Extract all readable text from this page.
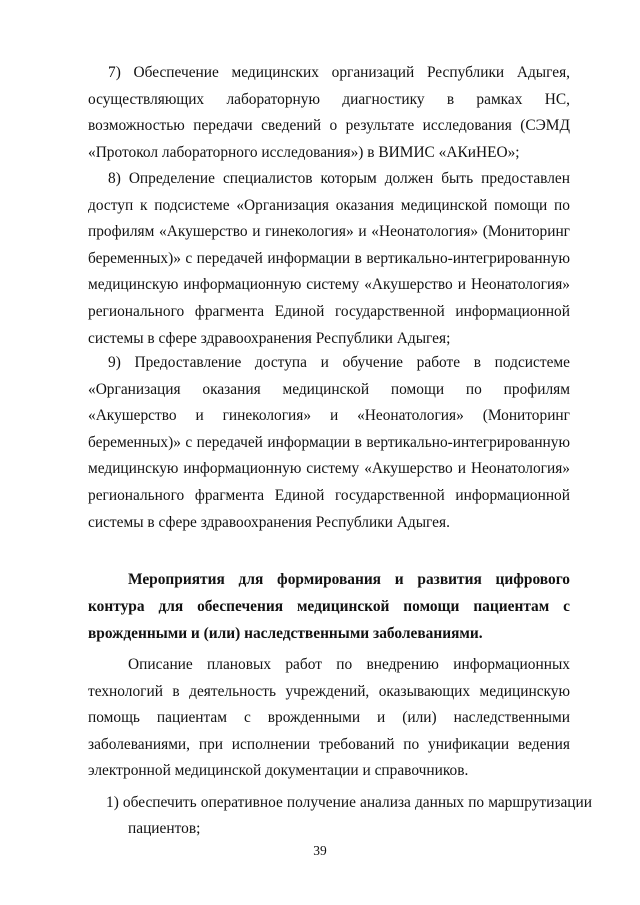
7) Обеспечение медицинских организаций Республики Адыгея, осуществляющих лабораторную диагностику в рамках НС, возможностью передачи сведений о результате исследования (СЭМД «Протокол лабораторного исследования») в ВИМИС «АКиНЕО»;

8) Определение специалистов которым должен быть предоставлен доступ к подсистеме «Организация оказания медицинской помощи по профилям «Акушерство и гинекология» и «Неонатология» (Мониторинг беременных)» с передачей информации в вертикально-интегрированную медицинскую информационную систему «Акушерство и Неонатология» регионального фрагмента Единой государственной информационной системы в сфере здравоохранения Республики Адыгея;

9) Предоставление доступа и обучение работе в подсистеме «Организация оказания медицинской помощи по профилям «Акушерство и гинекология» и «Неонатология» (Мониторинг беременных)» с передачей информации в вертикально-интегрированную медицинскую информационную систему «Акушерство и Неонатология» регионального фрагмента Единой государственной информационной системы в сфере здравоохранения Республики Адыгея.

Мероприятия для формирования и развития цифрового контура для обеспечения медицинской помощи пациентам с врожденными и (или) наследственными заболеваниями.

Описание плановых работ по внедрению информационных технологий в деятельность учреждений, оказывающих медицинскую помощь пациентам с врожденными и (или) наследственными заболеваниями, при исполнении требований по унификации ведения электронной медицинской документации и справочников.

1) обеспечить оперативное получение анализа данных по маршрутизации пациентов;

39
